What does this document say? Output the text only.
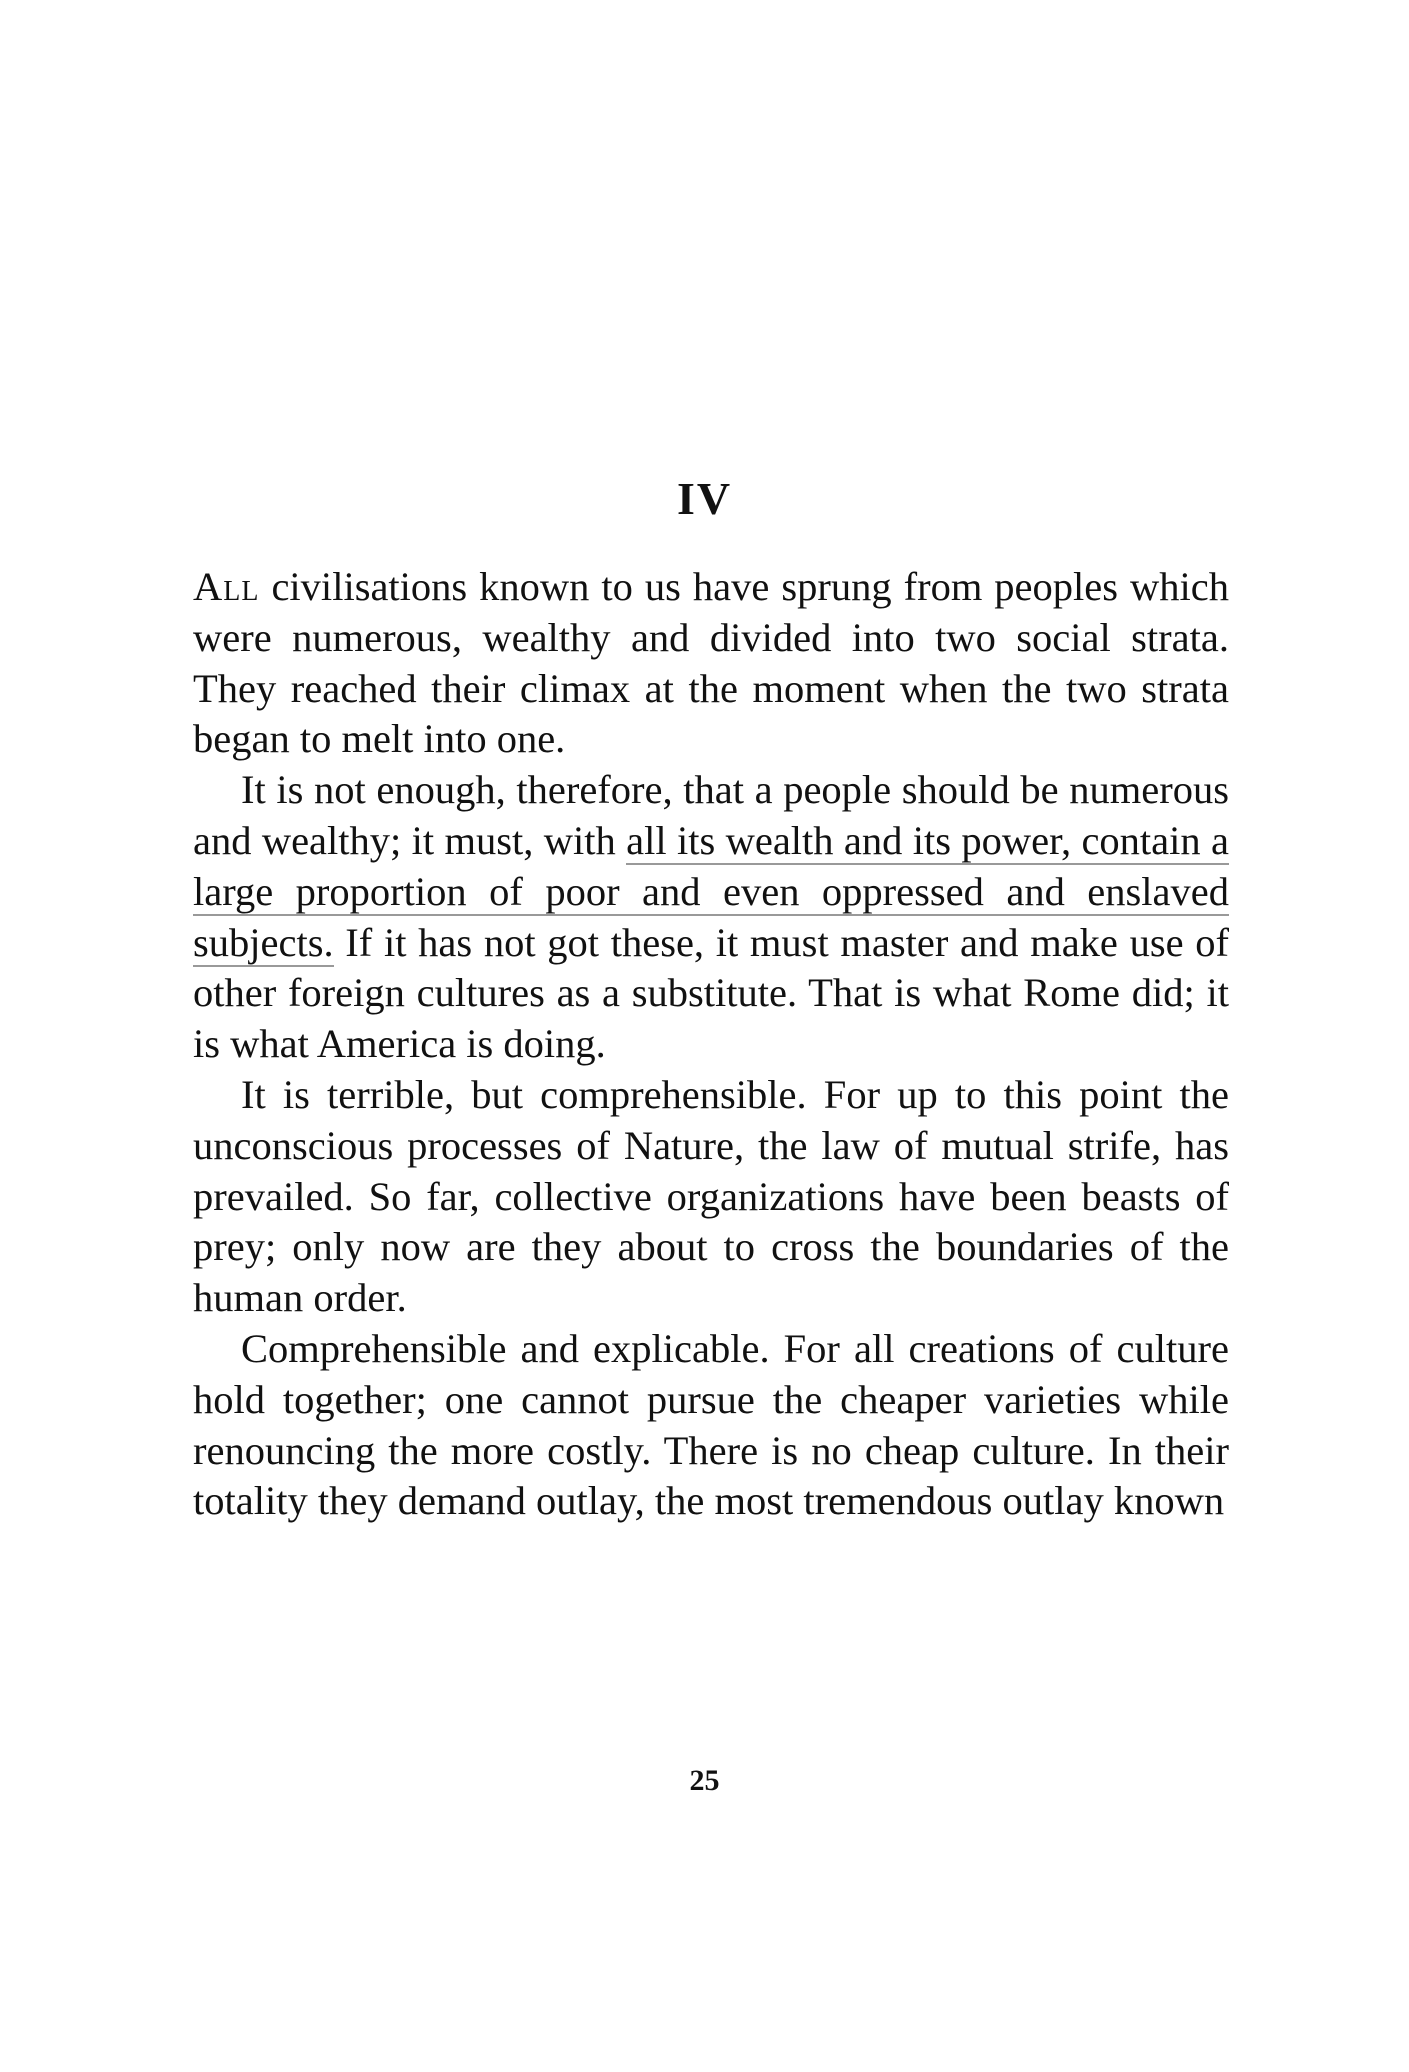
IV

All civilisations known to us have sprung from peoples which were numerous, wealthy and divided into two social strata. They reached their climax at the moment when the two strata began to melt into one.

It is not enough, therefore, that a people should be numerous and wealthy; it must, with all its wealth and its power, contain a large proportion of poor and even oppressed and enslaved subjects. If it has not got these, it must master and make use of other foreign cultures as a substitute. That is what Rome did; it is what America is doing.

It is terrible, but comprehensible. For up to this point the unconscious processes of Nature, the law of mutual strife, has prevailed. So far, collective organizations have been beasts of prey; only now are they about to cross the boundaries of the human order.

Comprehensible and explicable. For all creations of culture hold together; one cannot pursue the cheaper varieties while renouncing the more costly. There is no cheap culture. In their totality they demand outlay, the most tremendous outlay known

25
